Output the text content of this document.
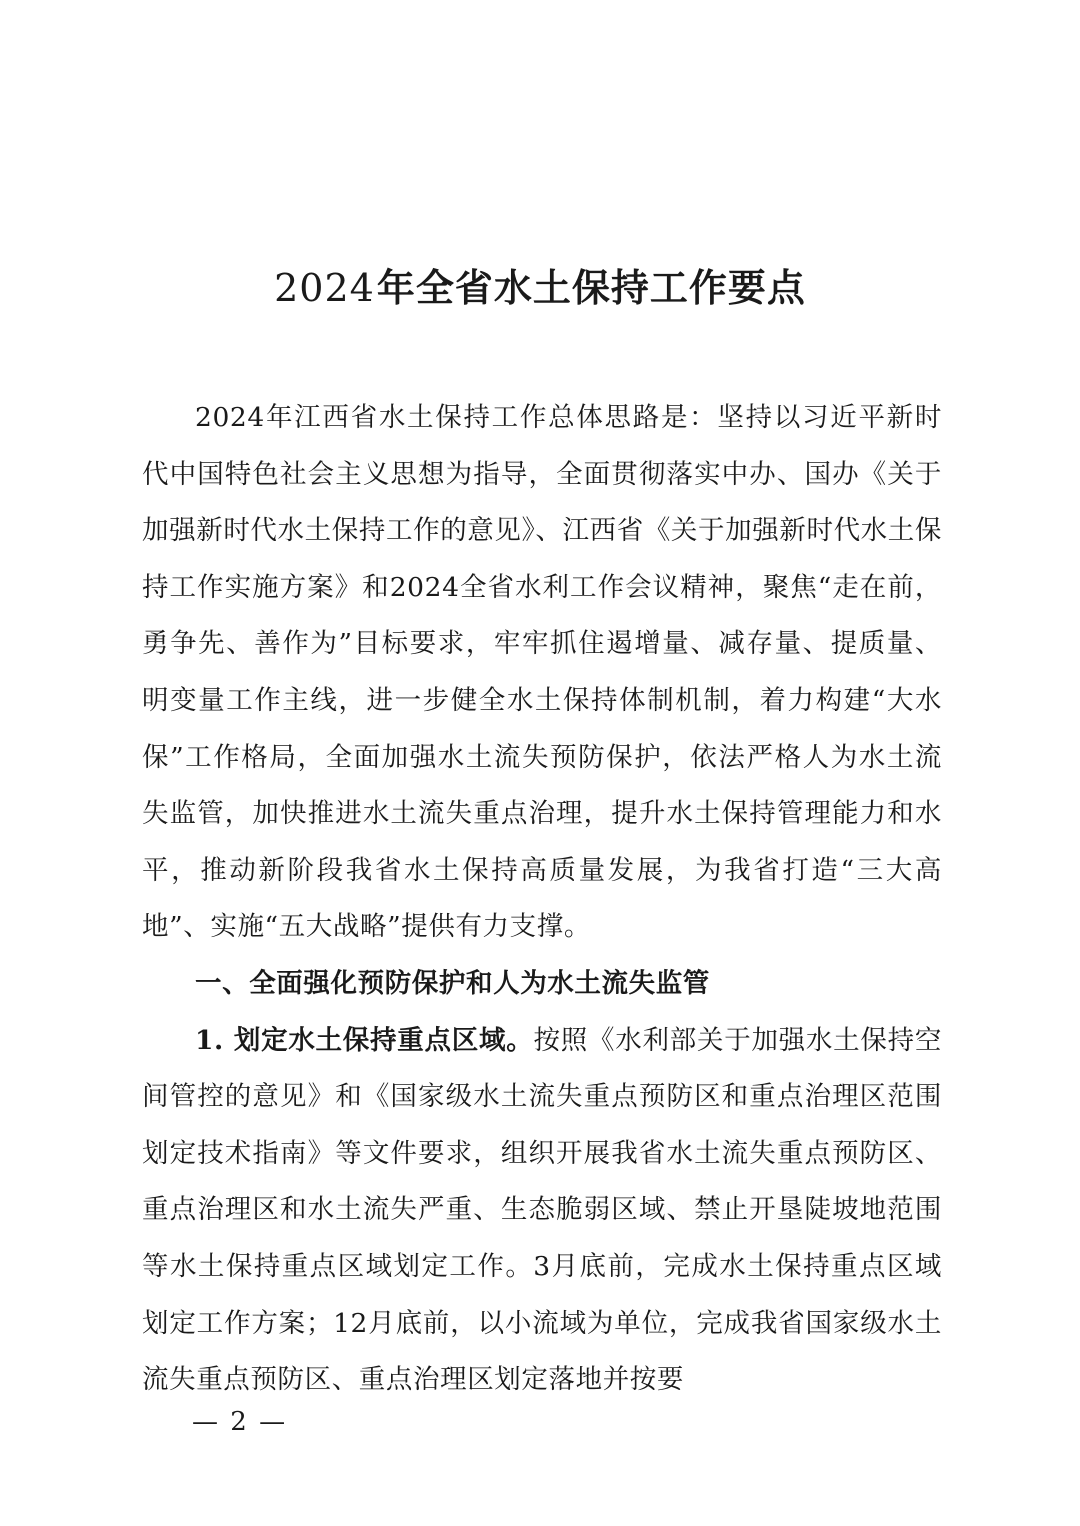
2024年全省水土保持工作要点

2024年江西省水土保持工作总体思路是：坚持以习近平新时代中国特色社会主义思想为指导，全面贯彻落实中办、国办《关于加强新时代水土保持工作的意见》、江西省《关于加强新时代水土保持工作实施方案》和2024全省水利工作会议精神，聚焦“走在前，勇争先、善作为”目标要求，牢牢抓住遏增量、减存量、提质量、明变量工作主线，进一步健全水土保持体制机制，着力构建“大水保”工作格局，全面加强水土流失预防保护，依法严格人为水土流失监管，加快推进水土流失重点治理，提升水土保持管理能力和水平，推动新阶段我省水土保持高质量发展，为我省打造“三大高地”、实施“五大战略”提供有力支撑。

一、全面强化预防保护和人为水土流失监管

1. 划定水土保持重点区域。按照《水利部关于加强水土保持空间管控的意见》和《国家级水土流失重点预防区和重点治理区范围划定技术指南》等文件要求，组织开展我省水土流失重点预防区、重点治理区和水土流失严重、生态脆弱区域、禁止开垦陡坡地范围等水土保持重点区域划定工作。3月底前，完成水土保持重点区域划定工作方案；12月底前，以小流域为单位，完成我省国家级水土流失重点预防区、重点治理区划定落地并按要

— 2 —
